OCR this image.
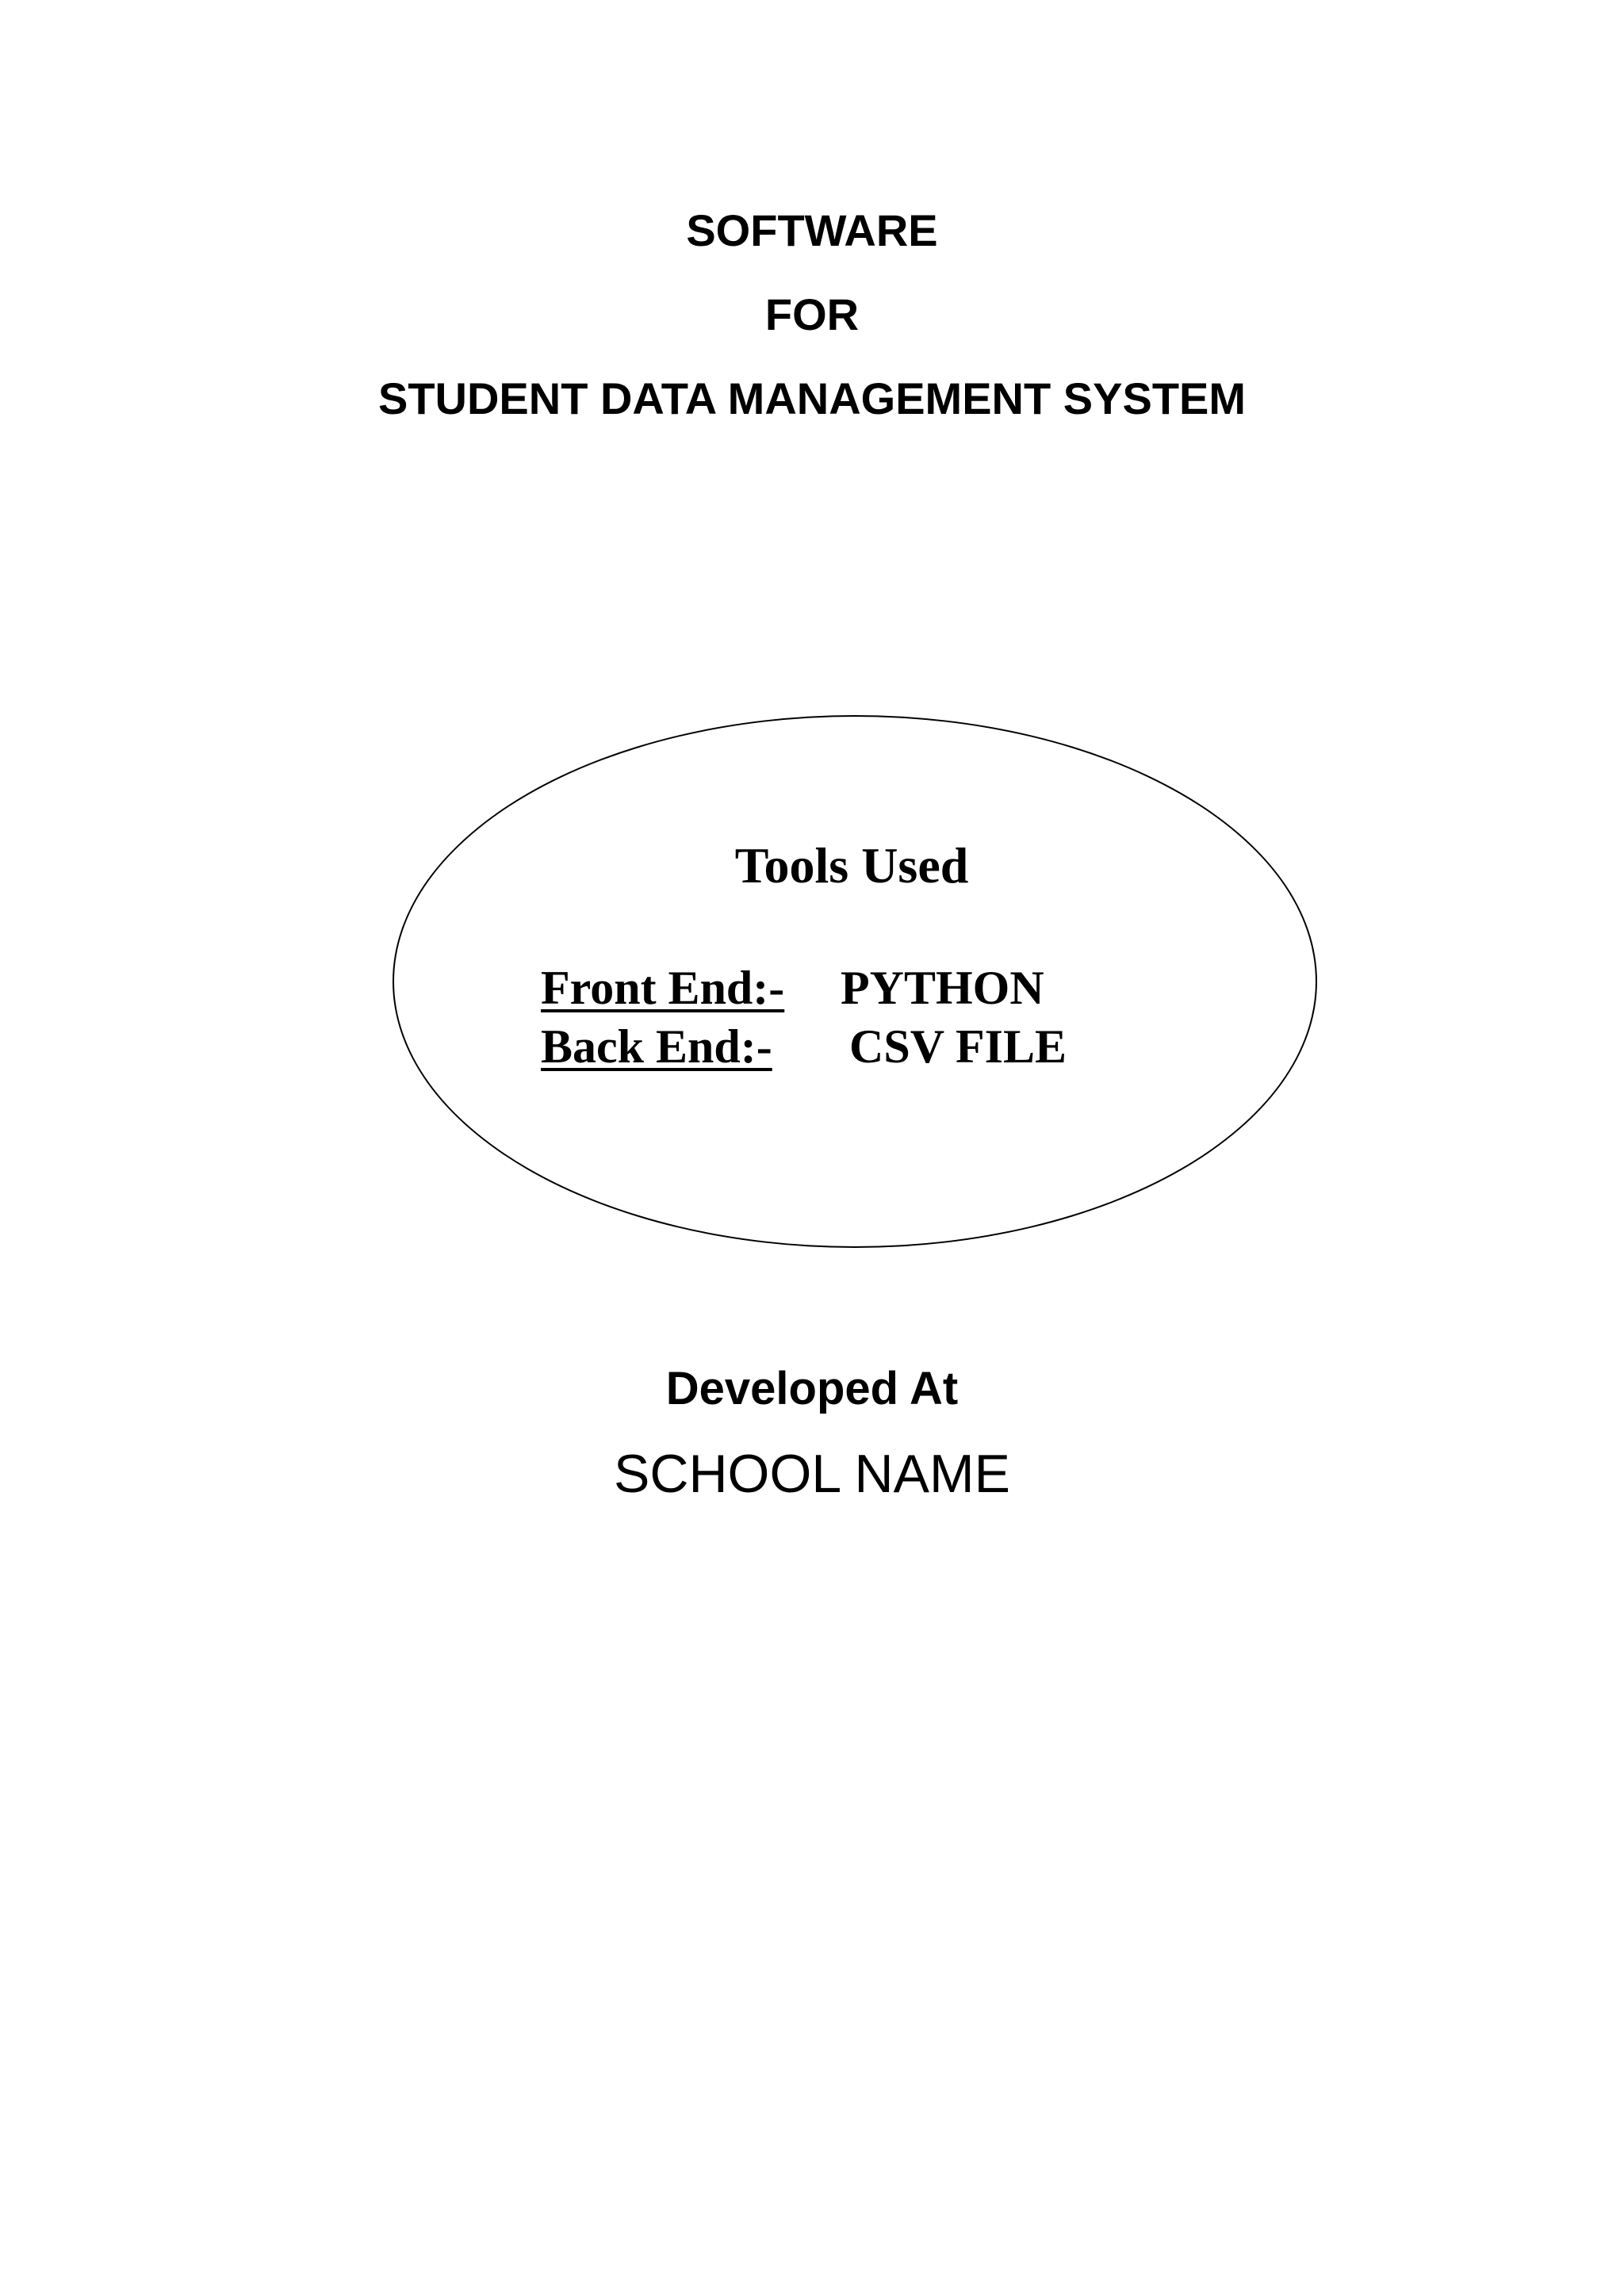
SOFTWARE
FOR
STUDENT DATA MANAGEMENT SYSTEM
Tools Used
Front End:- PYTHON
Back End:- CSV FILE
Developed At
SCHOOL NAME
